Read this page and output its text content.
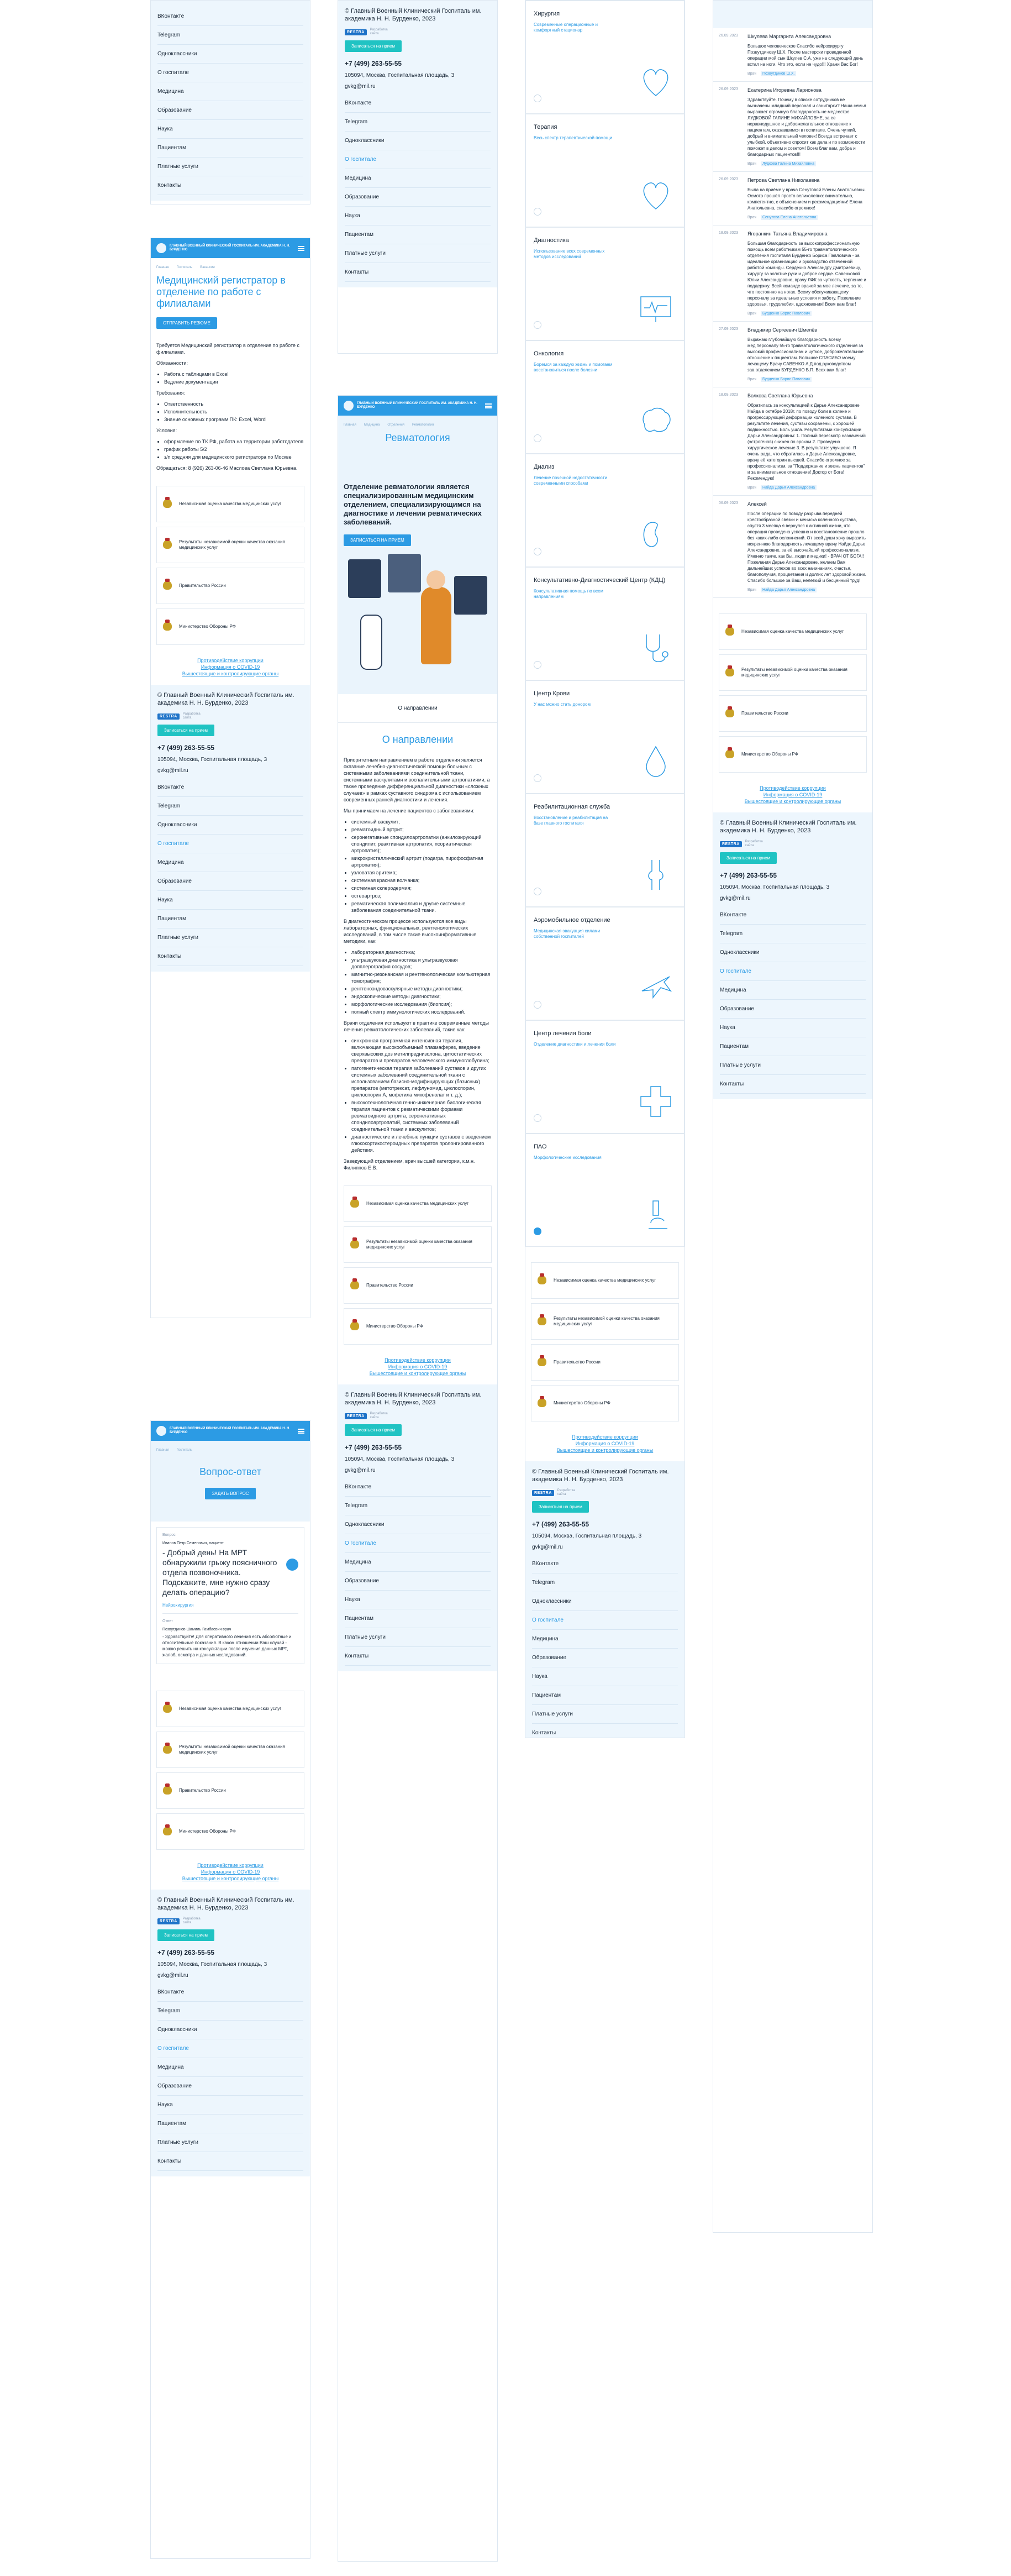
ВКонтакте
Telegram
Одноклассники
О госпитале
Медицина
Образование
Наука
Пациентам
Платные услуги
Контакты
ГЛАВНЫЙ ВОЕННЫЙ КЛИНИЧЕСКИЙ ГОСПИТАЛЬ ИМ. АКАДЕМИКА Н. Н. БУРДЕНКО
Главная Госпиталь Вакансии
Медицинский регистратор в отделение по работе с филиалами
ОТПРАВИТЬ РЕЗЮМЕ

Требуется Медицинский регистратор в отделение по работе с филиалами.

Обязанности:

• Работа с таблицами в Excel
• Ведение документации

Требования:

• Ответственность
• Исполнительность
• Знание основных программ ПК: Excel, Word

Условия:

• оформление по ТК РФ, работа на территории работодателя
• график работы 5/2
• з/п средняя для медицинского регистратора по Москве

Обращаться: 8 (926) 263-06-46 Маслова Светлана Юрьевна.

Независимая оценка качества медицинских услуг
Результаты независимой оценки качества оказания медицинских услуг
Правительство России
Министерство Обороны РФ
Противодействие коррупции
Информация о COVID-19
Вышестоящие и контролирующие органы
© Главный Военный Клинический Госпиталь им. академика Н. Н. Бурденко, 2023
RESTRA
Разработка сайта
Записаться на прием
+7 (499) 263-55-55
105094, Москва, Госпитальная площадь, 3
gvkg@mil.ru
ВКонтакте
Telegram
Одноклассники
О госпитале
Медицина
Образование
Наука
Пациентам
Платные услуги
Контакты
ГЛАВНЫЙ ВОЕННЫЙ КЛИНИЧЕСКИЙ ГОСПИТАЛЬ ИМ. АКАДЕМИКА Н. Н. БУРДЕНКО
Главная Госпиталь
Вопрос-ответ
ЗАДАТЬ ВОПРОС
Вопрос
Иванов Петр Семенович, пациент
- Добрый день! На МРТ обнаружили грыжу поясничного отдела позвоночника. Подскажите, мне нужно сразу делать операцию?
Нейрохирургия
Ответ
Позвутдинов Шамиль Гамбаевич врач
- Здравствуйте! Для оперативного лечения есть абсолютные и относительные показания. В каком отношении Ваш случай - можно решить на консультации после изучения данных МРТ, жалоб, осмотра и данных исследований.
Независимая оценка качества медицинских услуг
Результаты независимой оценки качества оказания медицинских услуг
Правительство России
Министерство Обороны РФ
Противодействие коррупции
Информация о COVID-19
Вышестоящие и контролирующие органы
© Главный Военный Клинический Госпиталь им. академика Н. Н. Бурденко, 2023
RESTRA
Разработка сайта
Записаться на прием
+7 (499) 263-55-55
105094, Москва, Госпитальная площадь, 3
gvkg@mil.ru
ВКонтакте
Telegram
Одноклассники
О госпитале
Медицина
Образование
Наука
Пациентам
Платные услуги
Контакты
© Главный Военный Клинический Госпиталь им. академика Н. Н. Бурденко, 2023
RESTRA
Разработка сайта
Записаться на прием
+7 (499) 263-55-55
105094, Москва, Госпитальная площадь, 3
gvkg@mil.ru
ВКонтакте
Telegram
Одноклассники
О госпитале
Медицина
Образование
Наука
Пациентам
Платные услуги
Контакты
ГЛАВНЫЙ ВОЕННЫЙ КЛИНИЧЕСКИЙ ГОСПИТАЛЬ ИМ. АКАДЕМИКА Н. Н. БУРДЕНКО
Главная Медицина Отделения Ревматология
Ревматология
Отделение ревматологии является специализированным медицинским отделением, специализирующимся на диагностике и лечении ревматических заболеваний.
ЗАПИСАТЬСЯ НА ПРИЁМ
О направлении
О направлении

Приоритетным направлением в работе отделения является оказание лечебно-диагностической помощи больным с системными заболеваниями соединительной ткани, системными васкулитами и воспалительными артропатиями, а также проведение дифференциальной диагностики «сложных случаев» в рамках суставного синдрома с использованием современных ранней диагностики и лечения.

Мы принимаем на лечение пациентов с заболеваниями:

• системный васкулит;
• ревматоидный артрит;
• серонегативные спондилоартропатии (анкилозирующий спондилит, реактивная артропатия, псориатическая артропатия);
• микрокристаллический артрит (подагра, пирофосфатная артропатия);
• узловатая эритема;
• системная красная волчанка;
• системная склеродермия;
• остеоартроз;
• ревматическая полимиалгия и другие системные заболевания соединительной ткани.

В диагностическом процессе используются все виды лабораторных, функциональных, рентгенологических исследований, в том числе такие высокоинформативные методики, как:

• лабораторная диагностика;
• ультразвуковая диагностика и ультразвуковая допплерография сосудов;
• магнитно-резонансная и рентгенологическая компьютерная томография;
• рентгеноэндоваскулярные методы диагностики;
• эндоскопические методы диагностики;
• морфологические исследования (биопсия);
• полный спектр иммунологических исследований.

Врачи отделения используют в практике современные методы лечения ревматологических заболеваний, такие как:

• синхронная программная интенсивная терапия, включающая высокообъемный плазмаферез, введение сверхвысоких доз метилпреднизолона, цитостатических препаратов и препаратов человеческого иммуноглобулина;
• патогенетическая терапия заболеваний суставов и других системных заболеваний соединительной ткани с использованием базисно-модифицирующих (базисных) препаратов (метотрексат, лефлуномид, циклоспорин, циклоспорин А, мофетила микофенолат и т. д.);
• высокотехнологичная генно-инженерная биологическая терапия пациентов с ревматическими формами ревматоидного артрита, серонегативных спондилоартропатий, системных заболеваний соединительной ткани и васкулитов;
• диагностические и лечебные пункции суставов с введением глюкокортикостероидных препаратов пролонгированного действия.

Заведующий отделением, врач высшей категории, к.м.н. Филиппов Е.В.

Независимая оценка качества медицинских услуг
Результаты независимой оценки качества оказания медицинских услуг
Правительство России
Министерство Обороны РФ
Противодействие коррупции
Информация о COVID-19
Вышестоящие и контролирующие органы
© Главный Военный Клинический Госпиталь им. академика Н. Н. Бурденко, 2023
RESTRA
Разработка сайта
Записаться на прием
+7 (499) 263-55-55
105094, Москва, Госпитальная площадь, 3
gvkg@mil.ru
ВКонтакте
Telegram
Одноклассники
О госпитале
Медицина
Образование
Наука
Пациентам
Платные услуги
Контакты
Хирургия
Современные операционные и комфортный стационар
Терапия
Весь спектр терапевтической помощи
Диагностика
Использование всех современных методов исследований
Онкология
Боремся за каждую жизнь и помогаем восстановиться после болезни
Диализ
Лечение почечной недостаточности современными способами
Консультативно-Диагностический Центр (КДЦ)
Консультативная помощь по всем направлениям
Центр Крови
У нас можно стать донором
Реабилитационная служба
Восстановление и реабилитация на базе главного госпиталя
Аэромобильное отделение
Медицинская эвакуация силами собственной госпиталей
Центр лечения боли
Отделение диагностики и лечения боли
ПАО
Морфологические исследования
Независимая оценка качества медицинских услуг
Результаты независимой оценки качества оказания медицинских услуг
Правительство России
Министерство Обороны РФ
Противодействие коррупции
Информация о COVID-19
Вышестоящие и контролирующие органы
© Главный Военный Клинический Госпиталь им. академика Н. Н. Бурденко, 2023
RESTRA
Разработка сайта
Записаться на прием
+7 (499) 263-55-55
105094, Москва, Госпитальная площадь, 3
gvkg@mil.ru
ВКонтакте
Telegram
Одноклассники
О госпитале
Медицина
Образование
Наука
Пациентам
Платные услуги
Контакты
26.09.2023	Шкулева Маргарита Александровна
Большое человеческое Спасибо нейрохирургу Позвутдинову Ш.Х. После мастерски проведенной операции мой сын Шкулев С.А. уже на следующий день встал на ноги. Что это, если не чудо!!! Храни Вас Бог!
Врач Позвутдинов Ш.Х.
26.09.2023	Екатерина Игоревна Ларионова
Здравствуйте. Почему в списке сотрудников не вызначены младший персонал и санитарки? Наша семья выражает огромную благодарность не медсестре ЛУДКОВОЙ ГАЛИНЕ МИХАЙЛОВНЕ, за ее неравнодушное и доброжелательное отношение к пациентам, оказавшимся в госпитале. Очень чуткий, добрый и внимательный человек! Всегда встречает с улыбкой, объективно спросит как дела и по возможности поможет в делом и советом! Всем благ вам, добра и благодарных пациентов!!!
Врач Лудкова Галина Михайловна
26.09.2023	Петрова Светлана Николаевна
Была на приёме у врача Сенутовой Елены Анатольевны. Осмотр прошёл просто великолепно: внимательно, компетентно, с объяснением и рекомендациями! Елена Анатольевна, спасибо огромное!
Врач Сенутова Елена Анатольевна
18.09.2023	Ягоранкин Татьяна Владимировна
Большая благодарность за высокопрофессиональную помощь всем работникам 55-го травматологического отделения госпиталя Бурденко Бориса Павловича - за идеальное организацию и руководство отвеченной работой команды. Сердечно Александру Дмитриевичу, хирургу за золотые руки и доброе сердце. Савенковой Юлии Александровне, врачу ЛФК за чуткость, терпение и поддержку. Всей команде врачей за мое лечение, за то, что постоянно на ногах. Всему обслуживающему персоналу за идеальные условия и заботу. Пожелание здоровья, трудолюбия, вдохновения! Всем вам благ!
Врач Бурденко Борис Павлович
27.09.2023	Владимир Сергеевич Шмелёв
Выражаю глубочайшую благодарность всему мед.персоналу 55-го травматологического отделения за высокий профессионализм и чуткое, доброжелательное отношение к пациентам. Большое СПАСИБО моему лечащему Врачу САВЕНКО А.Д.под руководством зав.отделением БУРДЕНКО Б.П. Всех вам благ!
Врач Бурденко Борис Павлович
18.09.2023	Волкова Светлана Юрьевна
Обратилась за консультацией к Дарье Александровне Найда в октябре 2018г. по поводу боли в колене и прогрессирующей деформации коленного сустава. В результате лечения, суставы сохранены, с хорошей подвижностью. Боль ушла. Результатами консультации Дарьи Александровны: 1. Полный пересмотр назначений (эстрогенов) снижен по срокам 2. Проведено хирургическое лечение 3. В результате: улучшено. Я очень рада, что обратилась к Дарье Александровне, врачу её категории высшей. Спасибо огромное за профессионализм, за "Поддержание и жизнь пациентов" и за внимательное отношение! Доктор от Бога! Рекомендую!
Врач Найда Дарья Александровна
06.09.2023	Алексей
После операции по поводу разрыва передней крестообразной связки и мениска коленного сустава, спустя 3 месяца я вернулся к активной жизни, что операция проведена успешно и восстановление прошло без каких-либо осложнений. От всей души хочу выразить искреннюю благодарность лечащему врачу Найде Дарье Александровне, за её высочайший профессионализм. Именно такие, как Вы, люди и медики! - ВРАЧ ОТ БОГА!! Пожелания Дарье Александровне, желаем Вам дальнейших успехов во всех начинаниях, счастья, благополучия, процветания и долгих лет здоровой жизни. Спасибо большое за Ваш, нелегкий и бесценный труд!
Врач Найда Дарья Александровна
Независимая оценка качества медицинских услуг
Результаты независимой оценки качества оказания медицинских услуг
Правительство России
Министерство Обороны РФ
Противодействие коррупции
Информация о COVID-19
Вышестоящие и контролирующие органы
© Главный Военный Клинический Госпиталь им. академика Н. Н. Бурденко, 2023
RESTRA
Разработка сайта
Записаться на прием
+7 (499) 263-55-55
105094, Москва, Госпитальная площадь, 3
gvkg@mil.ru
ВКонтакте
Telegram
Одноклассники
О госпитале
Медицина
Образование
Наука
Пациентам
Платные услуги
Контакты
